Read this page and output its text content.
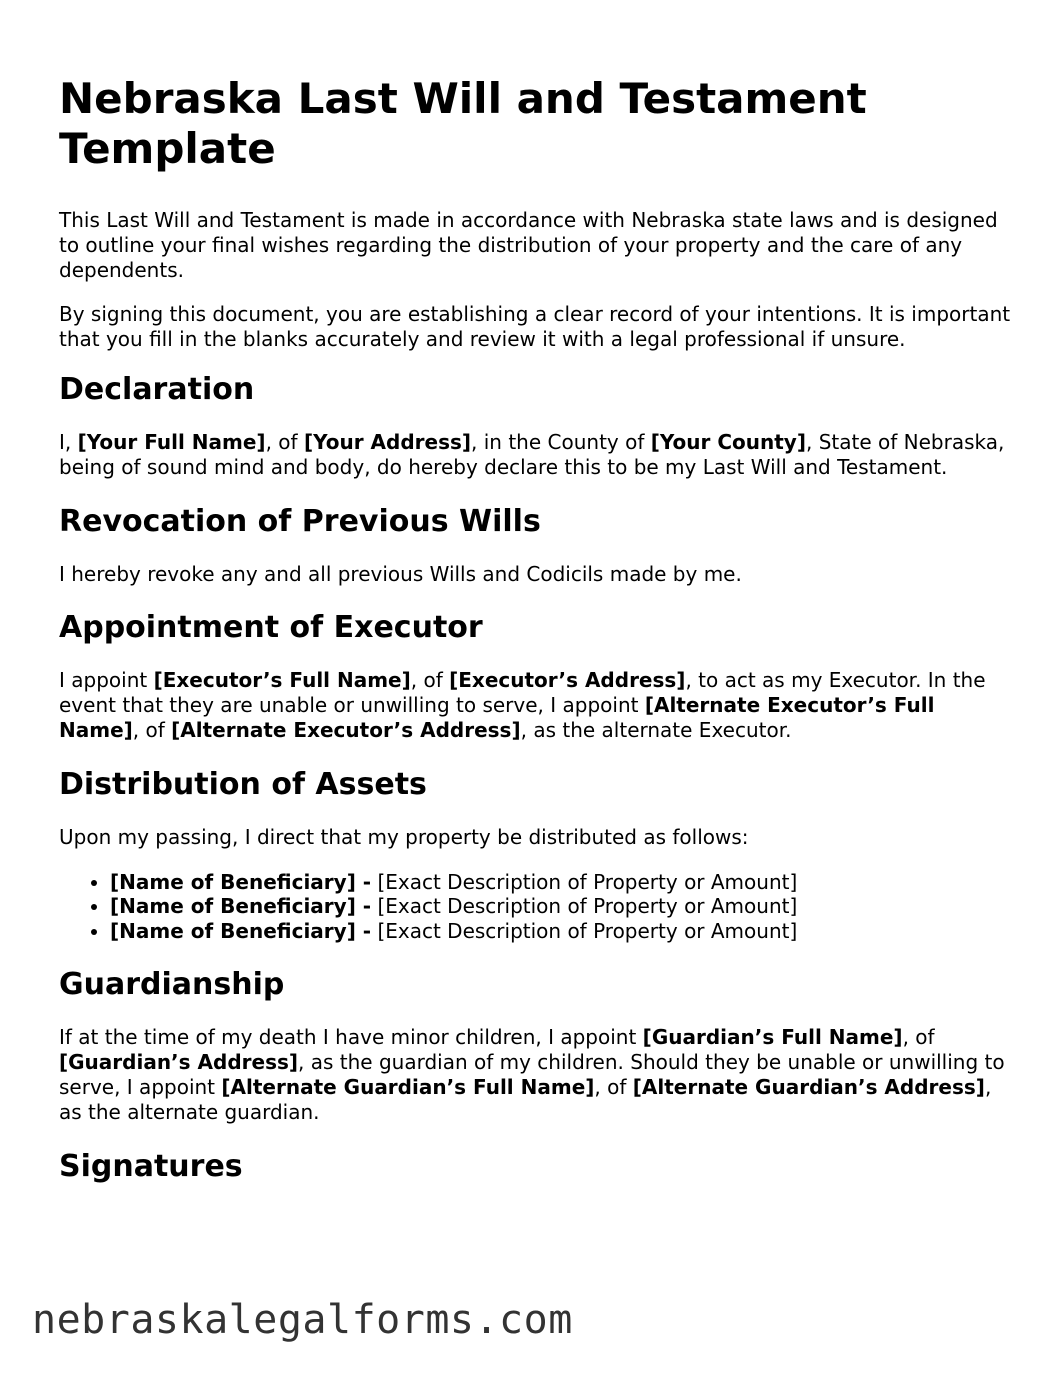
Nebraska Last Will and Testament Template

This Last Will and Testament is made in accordance with Nebraska state laws and is designed to outline your final wishes regarding the distribution of your property and the care of any dependents.

By signing this document, you are establishing a clear record of your intentions. It is important that you fill in the blanks accurately and review it with a legal professional if unsure.

Declaration

I, [Your Full Name], of [Your Address], in the County of [Your County], State of Nebraska, being of sound mind and body, do hereby declare this to be my Last Will and Testament.

Revocation of Previous Wills

I hereby revoke any and all previous Wills and Codicils made by me.

Appointment of Executor

I appoint [Executor’s Full Name], of [Executor’s Address], to act as my Executor. In the event that they are unable or unwilling to serve, I appoint [Alternate Executor’s Full Name], of [Alternate Executor’s Address], as the alternate Executor.

Distribution of Assets

Upon my passing, I direct that my property be distributed as follows:

• [Name of Beneficiary] - [Exact Description of Property or Amount]
• [Name of Beneficiary] - [Exact Description of Property or Amount]
• [Name of Beneficiary] - [Exact Description of Property or Amount]
Guardianship

If at the time of my death I have minor children, I appoint [Guardian’s Full Name], of [Guardian’s Address], as the guardian of my children. Should they be unable or unwilling to serve, I appoint [Alternate Guardian’s Full Name], of [Alternate Guardian’s Address], as the alternate guardian.

Signatures
nebraskalegalforms.com
